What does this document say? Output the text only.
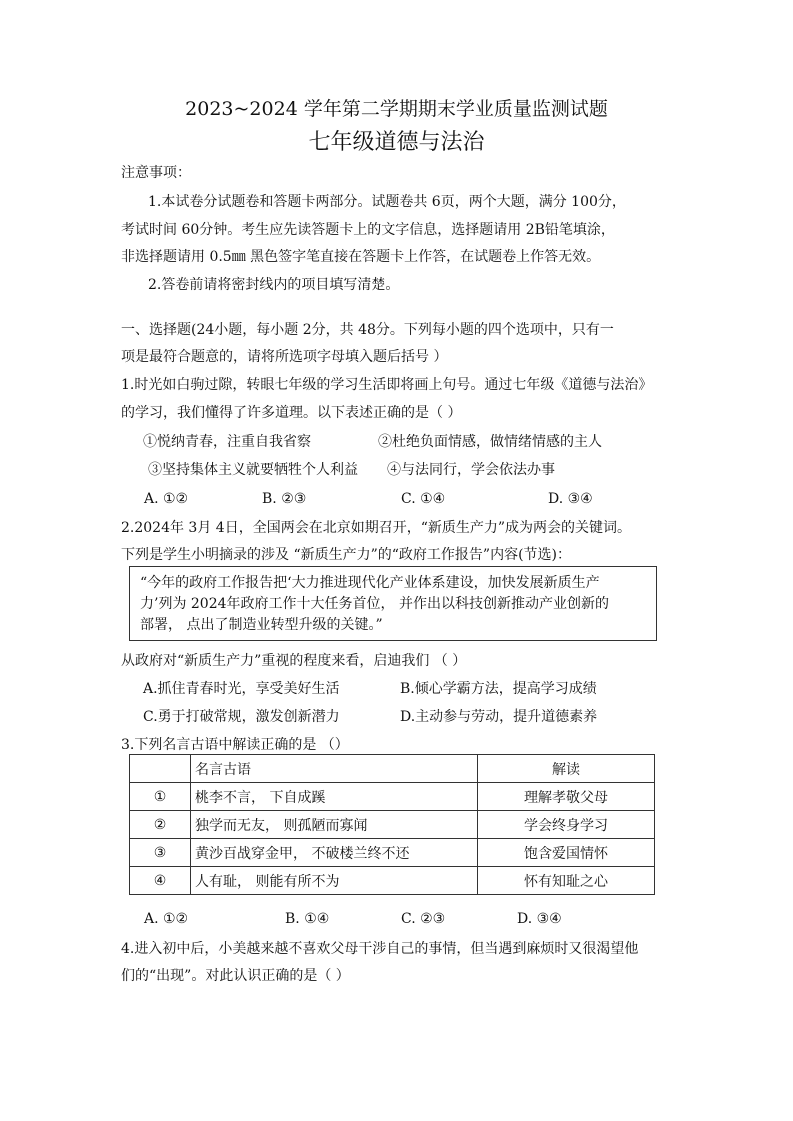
2023~2024 学年第二学期期末学业质量监测试题
七年级道德与法治
注意事项：
1.本试卷分试题卷和答题卡两部分。试题卷共 6页，两个大题，满分 100分，
考试时间 60分钟。考生应先读答题卡上的文字信息，选择题请用 2B铅笔填涂，
非选择题请用 0.5㎜ 黑色签字笔直接在答题卡上作答，在试题卷上作答无效。
2.答卷前请将密封线内的项目填写清楚。
一、选择题(24小题，每小题 2分，共 48分。下列每小题的四个选项中，只有一
项是最符合题意的，请将所选项字母填入题后括号 ）
1.时光如白驹过隙，转眼七年级的学习生活即将画上句号。通过七年级《道德与法治》
的学习，我们懂得了许多道理。以下表述正确的是（ ）
①悦纳青春，注重自我省察	②杜绝负面情感，做情绪情感的主人
③坚持集体主义就要牺牲个人利益 ④与法同行，学会依法办事
A. ①②	B. ②③	C. ①④	D. ③④
2.2024年 3月 4日，全国两会在北京如期召开，“新质生产力”成为两会的关键词。
下列是学生小明摘录的涉及 “新质生产力”的“政府工作报告”内容(节选)：
“今年的政府工作报告把‘大力推进现代化产业体系建设，加快发展新质生产
力’列为 2024年政府工作十大任务首位， 并作出以科技创新推动产业创新的
部署， 点出了制造业转型升级的关键。”
从政府对“新质生产力”重视的程度来看，启迪我们 （ ）
A.抓住青春时光，享受美好生活	B.倾心学霸方法，提高学习成绩
C.勇于打破常规，激发创新潜力	D.主动参与劳动，提升道德素养
3.下列名言古语中解读正确的是 （）
	名言古语	解读
①	桃李不言， 下自成蹊	理解孝敬父母
②	独学而无友， 则孤陋而寡闻	学会终身学习
③	黄沙百战穿金甲， 不破楼兰终不还	饱含爱国情怀
④	人有耻， 则能有所不为	怀有知耻之心
A. ①②	B. ①④	C. ②③	D. ③④
4.进入初中后，小美越来越不喜欢父母干涉自己的事情，但当遇到麻烦时又很渴望他
们的“出现”。对此认识正确的是（ ）
